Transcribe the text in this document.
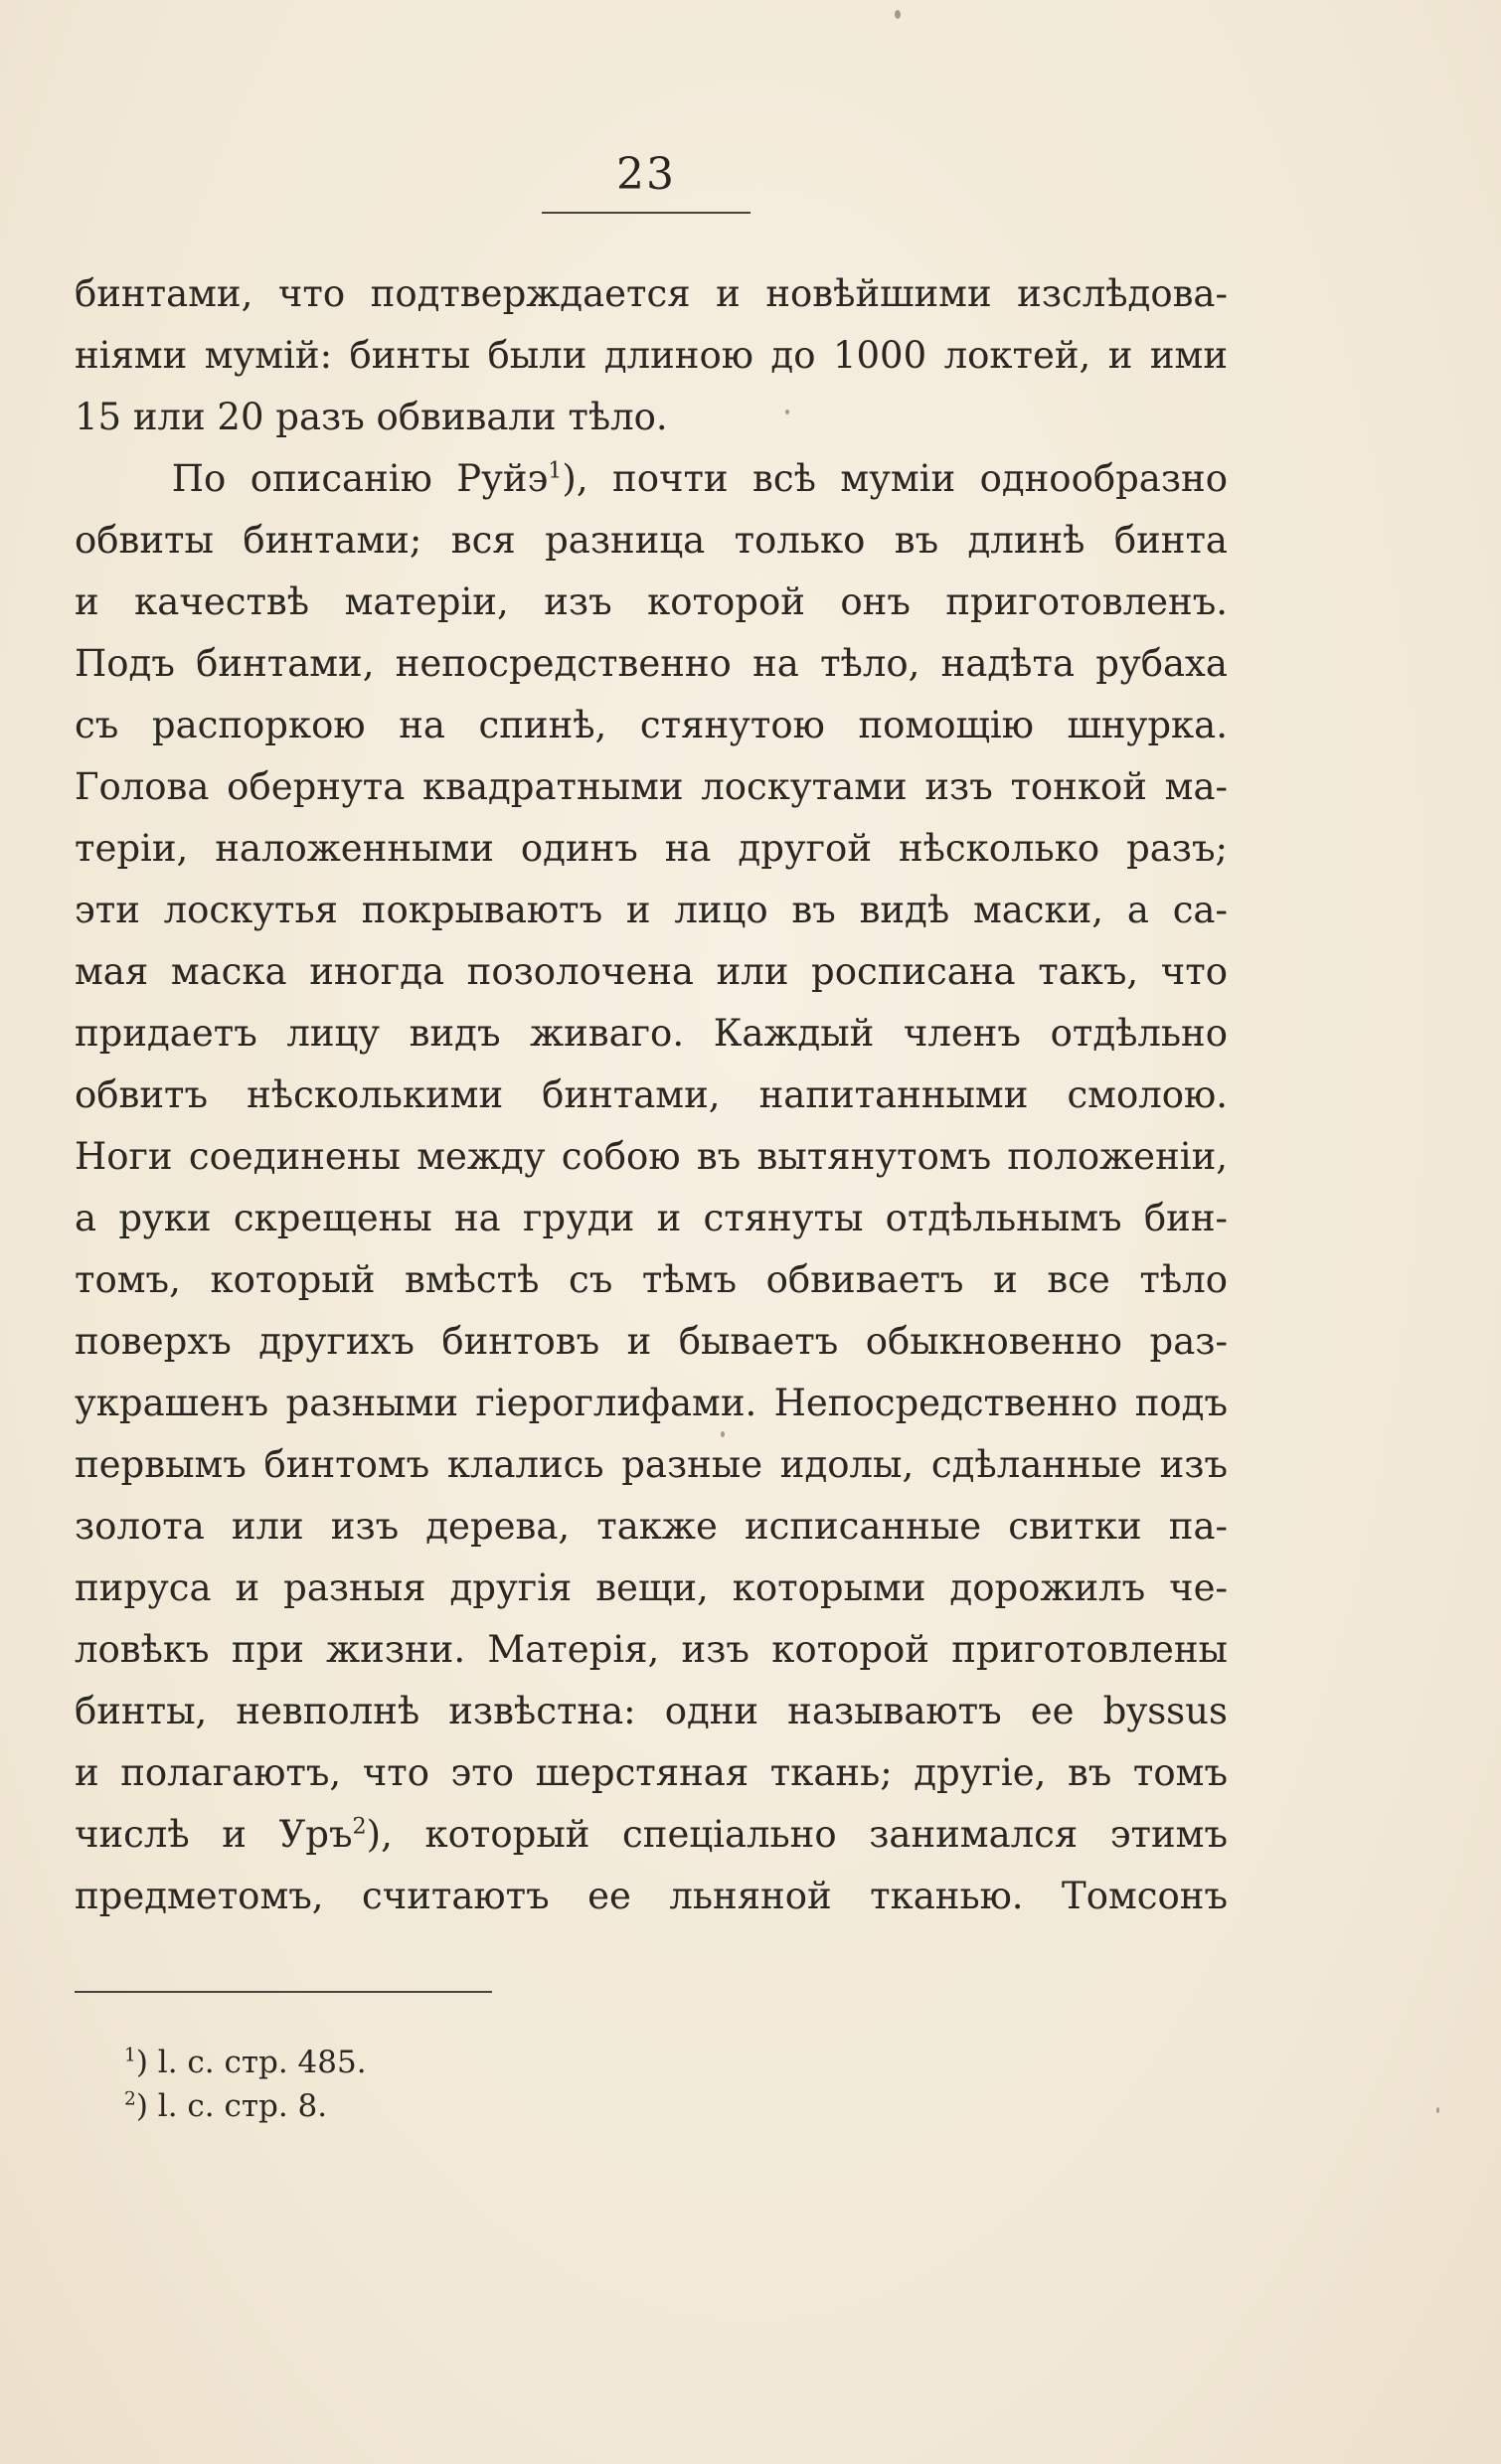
23
бинтами, что подтверждается и новѣйшими изслѣдова-
ніями мумій: бинты были длиною до 1000 локтей, и ими
15 или 20 разъ обвивали тѣло.
По описанію Руйэ$^1$), почти всѣ муміи однообразно
обвиты бинтами; вся разница только въ длинѣ бинта
и качествѣ матеріи, изъ которой онъ приготовленъ.
Подъ бинтами, непосредственно на тѣло, надѣта рубаха
съ распоркою на спинѣ, стянутою помощію шнурка.
Голова обернута квадратными лоскутами изъ тонкой ма-
теріи, наложенными одинъ на другой нѣсколько разъ;
эти лоскутья покрываютъ и лицо въ видѣ маски, а са-
мая маска иногда позолочена или росписана такъ, что
придаетъ лицу видъ живаго. Каждый членъ отдѣльно
обвитъ нѣсколькими бинтами, напитанными смолою.
Ноги соединены между собою въ вытянутомъ положеніи,
а руки скрещены на груди и стянуты отдѣльнымъ бин-
томъ, который вмѣстѣ съ тѣмъ обвиваетъ и все тѣло
поверхъ другихъ бинтовъ и бываетъ обыкновенно раз-
украшенъ разными гіероглифами. Непосредственно подъ
первымъ бинтомъ клались разные идолы, сдѣланные изъ
золота или изъ дерева, также исписанные свитки па-
пируса и разныя другія вещи, которыми дорожилъ че-
ловѣкъ при жизни. Матерія, изъ которой приготовлены
бинты, невполнѣ извѣстна: одни называютъ ее byssus
и полагаютъ, что это шерстяная ткань; другіе, въ томъ
числѣ и Уръ$^2$), который спеціально занимался этимъ
предметомъ, считаютъ ее льняной тканью. Томсонъ
$^1$) l. c. стр. 485.
$^2$) l. c. стр. 8.
